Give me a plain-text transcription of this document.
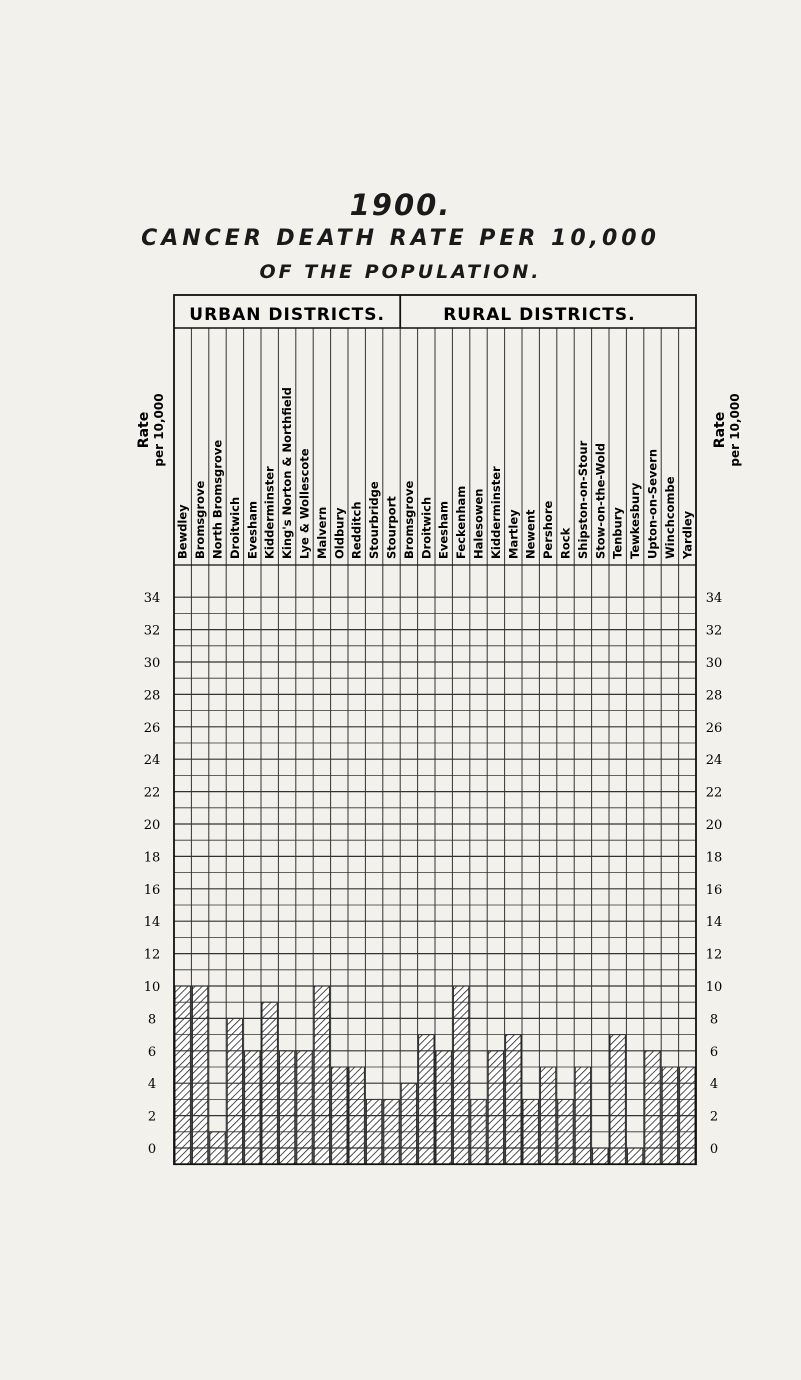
1900.
CANCER DEATH RATE PER 10,000
OF THE POPULATION.
URBAN DISTRICTS.	RURAL DISTRICTS.
Bewdley Bromsgrove North Bromsgrove Droitwich Evesham Kidderminster King's Norton & Northfield Lye & Wollescote Malvern Oldbury Redditch Stourbridge Stourport Bromsgrove Droitwich Evesham Feckenham Halesowen Kidderminster Martley Newent Pershore Rock Shipston-on-Stour Stow-on-the-Wold Tenbury Tewkesbury Upton-on-Severn Winchcombe Yardley
0	0
2	2
4	4
6	6
8	8
10	10
12	12
14	14
16	16
18	18
20	20
22	22
24	24
26	26
28	28
30	30
32	32
34	34
Rateper 10,000	Rateper 10,000
